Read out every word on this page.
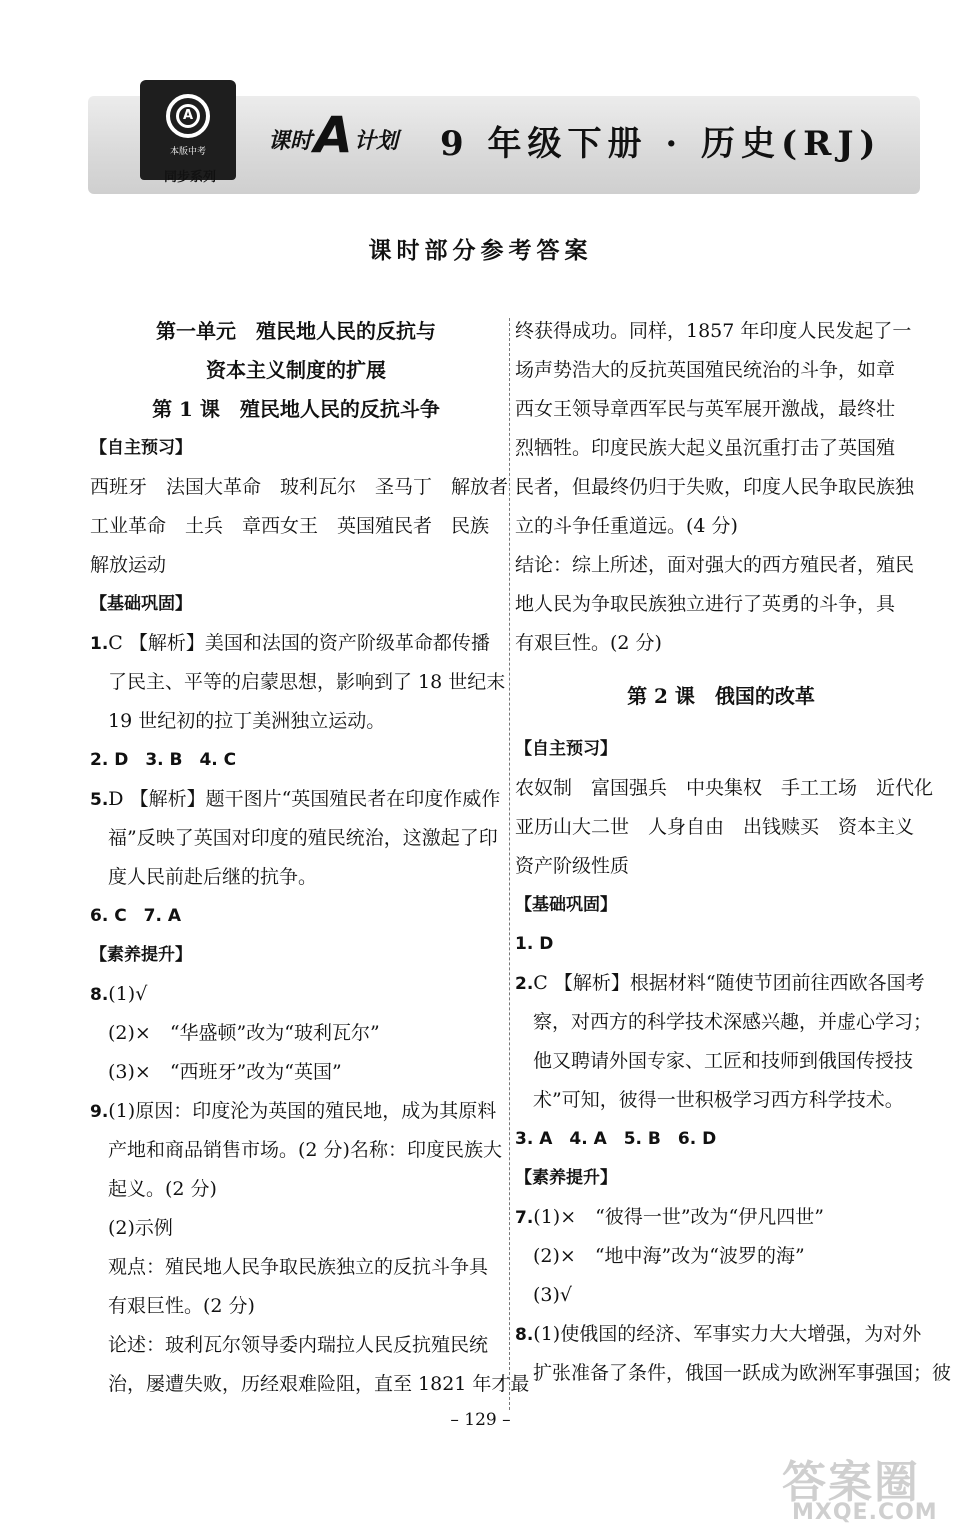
A
本版中考
同步系列
课时 A 计划 9 年级下册 · 历史(RJ)
课时部分参考答案
第一单元　殖民地人民的反抗与
资本主义制度的扩展
第 1 课　殖民地人民的反抗斗争
【自主预习】
西班牙　法国大革命　玻利瓦尔　圣马丁　解放者
工业革命　土兵　章西女王　英国殖民者　民族
解放运动
【基础巩固】
1.C 【解析】美国和法国的资产阶级革命都传播
了民主、平等的启蒙思想，影响到了 18 世纪末
19 世纪初的拉丁美洲独立运动。
2. D　3. B　4. C
5.D 【解析】题干图片“英国殖民者在印度作威作
福”反映了英国对印度的殖民统治，这激起了印
度人民前赴后继的抗争。
6. C　7. A
【素养提升】
8.(1)√
(2)×　“华盛顿”改为“玻利瓦尔”
(3)×　“西班牙”改为“英国”
9.(1)原因：印度沦为英国的殖民地，成为其原料
产地和商品销售市场。(2 分)名称：印度民族大
起义。(2 分)
(2)示例
观点：殖民地人民争取民族独立的反抗斗争具
有艰巨性。(2 分)
论述：玻利瓦尔领导委内瑞拉人民反抗殖民统
治，屡遭失败，历经艰难险阻，直至 1821 年才最
终获得成功。同样，1857 年印度人民发起了一
场声势浩大的反抗英国殖民统治的斗争，如章
西女王领导章西军民与英军展开激战，最终壮
烈牺牲。印度民族大起义虽沉重打击了英国殖
民者，但最终仍归于失败，印度人民争取民族独
立的斗争任重道远。(4 分)
结论：综上所述，面对强大的西方殖民者，殖民
地人民为争取民族独立进行了英勇的斗争，具
有艰巨性。(2 分)
第 2 课　俄国的改革
【自主预习】
农奴制　富国强兵　中央集权　手工工场　近代化
亚历山大二世　人身自由　出钱赎买　资本主义
资产阶级性质
【基础巩固】
1. D
2.C 【解析】根据材料“随使节团前往西欧各国考
察，对西方的科学技术深感兴趣，并虚心学习；
他又聘请外国专家、工匠和技师到俄国传授技
术”可知，彼得一世积极学习西方科学技术。
3. A　4. A　5. B　6. D
【素养提升】
7.(1)×　“彼得一世”改为“伊凡四世”
(2)×　“地中海”改为“波罗的海”
(3)√
8.(1)使俄国的经济、军事实力大大增强，为对外
扩张准备了条件，俄国一跃成为欧洲军事强国；彼
– 129 –
答案圈
MXQE.COM
